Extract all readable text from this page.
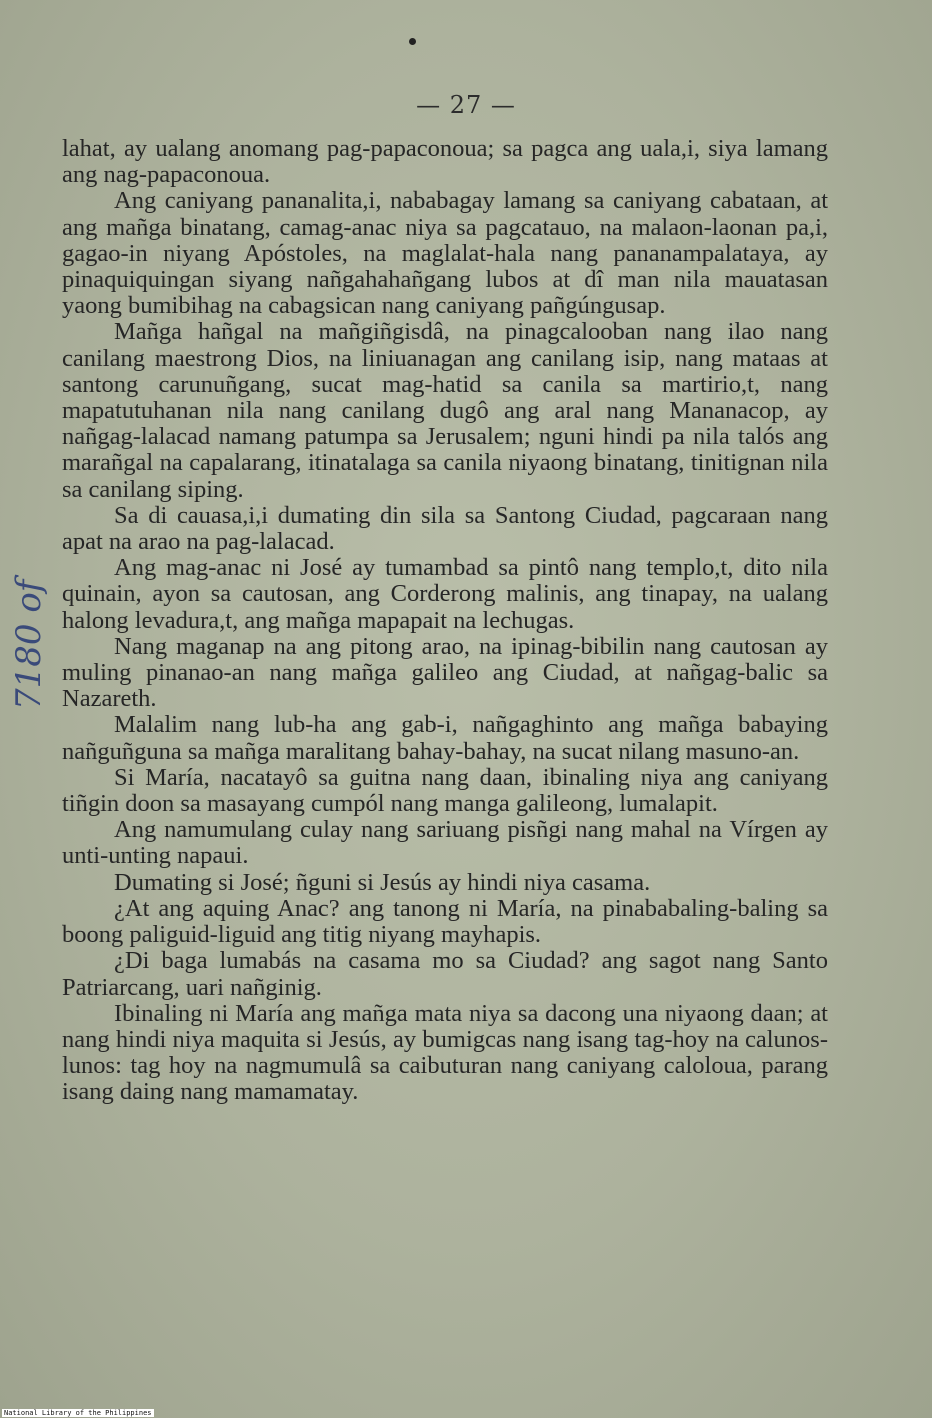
— 27 —
7180 of

lahat, ay ualang anomang pag-papaconoua; sa pagca ang uala,i, siya lamang ang nag-papaconoua.

Ang caniyang pananalita,i, nababagay lamang sa caniyang cabataan, at ang mañga binatang, camag-anac niya sa pagcatauo, na malaon-laonan pa,i, gagao-in niyang Apóstoles, na maglalat-hala nang pananampalataya, ay pinaquiquingan siyang nañgahahañgang lubos at dî man nila mauatasan yaong bumibihag na cabagsican nang caniyang pañgúngusap.

Mañga hañgal na mañgiñgisdâ, na pinagcalooban nang ilao nang canilang maestrong Dios, na liniuanagan ang canilang isip, nang mataas at santong carunuñgang, sucat mag-hatid sa canila sa martirio,t, nang mapatutuhanan nila nang canilang dugô ang aral nang Mananacop, ay nañgag-lalacad namang patumpa sa Jerusalem; nguni hindi pa nila talós ang marañgal na capalarang, itinatalaga sa canila niyaong binatang, tinitignan nila sa canilang siping.

Sa di cauasa,i,i dumating din sila sa Santong Ciudad, pagcaraan nang apat na arao na pag-lalacad.

Ang mag-anac ni José ay tumambad sa pintô nang templo,t, dito nila quinain, ayon sa cautosan, ang Corderong malinis, ang tinapay, na ualang halong levadura,t, ang mañga mapapait na lechugas.

Nang maganap na ang pitong arao, na ipinag-bibilin nang cautosan ay muling pinanao-an nang mañga galileo ang Ciudad, at nañgag-balic sa Nazareth.

Malalim nang lub-ha ang gab-i, nañgaghinto ang mañga babaying nañguñguna sa mañga maralitang bahay-bahay, na sucat nilang masuno-an.

Si María, nacatayô sa guitna nang daan, ibinaling niya ang caniyang tiñgin doon sa masayang cumpól nang manga galileong, lumalapit.

Ang namumulang culay nang sariuang pisñgi nang mahal na Vírgen ay unti-unting napaui.

Dumating si José; ñguni si Jesús ay hindi niya casama.

¿At ang aquing Anac? ang tanong ni María, na pinababaling-baling sa boong paliguid-liguid ang titig niyang mayhapis.

¿Di baga lumabás na casama mo sa Ciudad? ang sagot nang Santo Patriarcang, uari nañginig.

Ibinaling ni María ang mañga mata niya sa dacong una niyaong daan; at nang hindi niya maquita si Jesús, ay bumigcas nang isang tag-hoy na calunos-lunos: tag hoy na nagmumulâ sa caibuturan nang caniyang caloloua, parang isang daing nang mamamatay.

National Library of the Philippines
